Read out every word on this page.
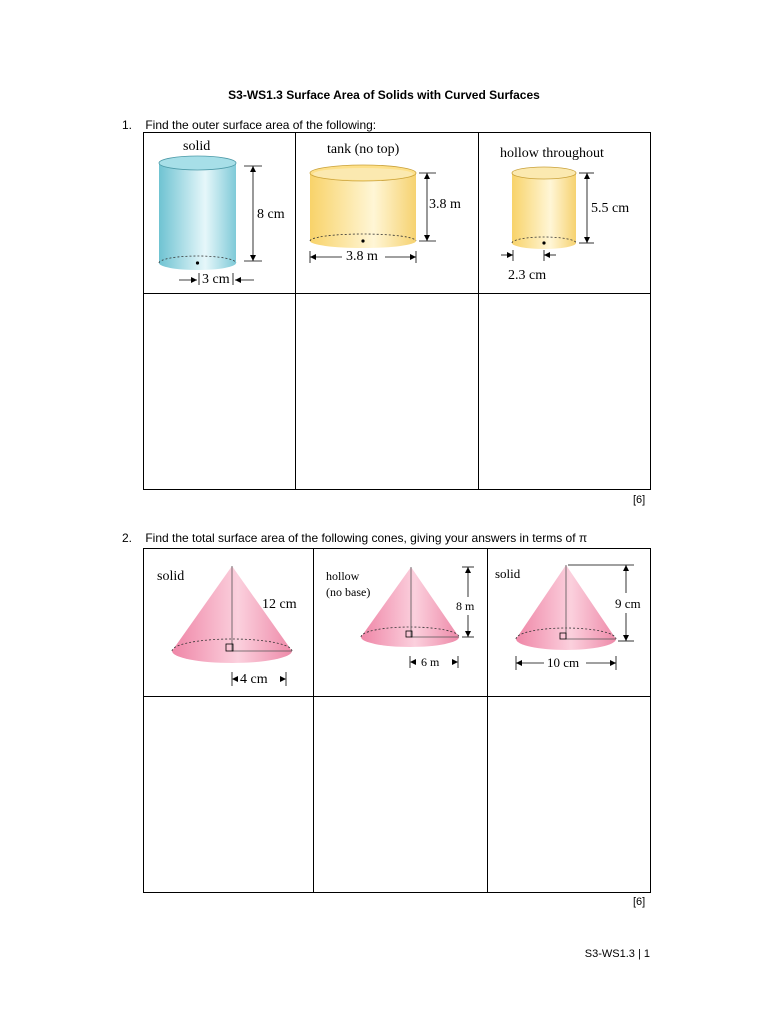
S3-WS1.3 Surface Area of Solids with Curved Surfaces
1. Find the outer surface area of the following:
solid
8 cm
3 cm
tank (no top)
3.8 m
3.8 m
hollow throughout
5.5 cm
2.3 cm
[6]
2. Find the total surface area of the following cones, giving your answers in terms of π
solid
12 cm
4 cm
hollow
(no base)
8 m
6 m
solid
9 cm
10 cm
[6]
S3-WS1.3 | 1
